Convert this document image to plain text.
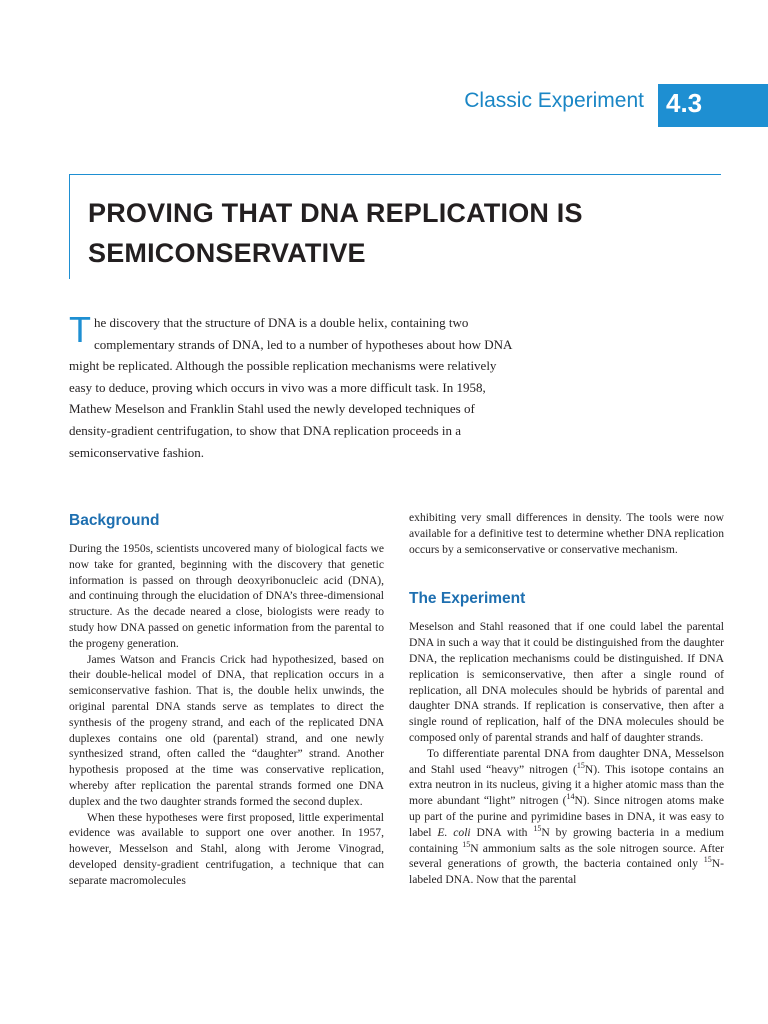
Classic Experiment 4.3
PROVING THAT DNA REPLICATION IS
SEMICONSERVATIVE

The discovery that the structure of DNA is a double helix, containing two complementary strands of DNA, led to a number of hypotheses about how DNA might be replicated. Although the possible replication mechanisms were relatively easy to deduce, proving which occurs in vivo was a more difficult task. In 1958, Mathew Meselson and Franklin Stahl used the newly developed techniques of density-gradient centrifugation, to show that DNA replication proceeds in a semiconservative fashion.

Background

During the 1950s, scientists uncovered many of biological facts we now take for granted, beginning with the discovery that genetic information is passed on through deoxyribonucleic acid (DNA), and continuing through the elucidation of DNA’s three-dimensional structure. As the decade neared a close, biologists were ready to study how DNA passed on genetic information from the parental to the progeny generation.

James Watson and Francis Crick had hypothesized, based on their double-helical model of DNA, that replication occurs in a semiconservative fashion. That is, the double helix unwinds, the original parental DNA stands serve as templates to direct the synthesis of the progeny strand, and each of the replicated DNA duplexes contains one old (parental) strand, and one newly synthesized strand, often called the “daughter” strand. Another hypothesis proposed at the time was conservative replication, whereby after replication the parental strands formed one DNA duplex and the two daughter strands formed the second duplex.

When these hypotheses were first proposed, little experimental evidence was available to support one over another. In 1957, however, Messelson and Stahl, along with Jerome Vinograd, developed density-gradient centrifugation, a technique that can separate macromolecules

exhibiting very small differences in density. The tools were now available for a definitive test to determine whether DNA replication occurs by a semiconservative or conservative mechanism.

The Experiment

Meselson and Stahl reasoned that if one could label the parental DNA in such a way that it could be distinguished from the daughter DNA, the replication mechanisms could be distinguished. If DNA replication is semiconservative, then after a single round of replication, all DNA molecules should be hybrids of parental and daughter DNA strands. If replication is conservative, then after a single round of replication, half of the DNA molecules should be composed only of parental strands and half of daughter strands.

To differentiate parental DNA from daughter DNA, Messelson and Stahl used “heavy” nitrogen ($^{15}$N). This isotope contains an extra neutron in its nucleus, giving it a higher atomic mass than the more abundant “light” nitrogen ($^{14}$N). Since nitrogen atoms make up part of the purine and pyrimidine bases in DNA, it was easy to label E. coli DNA with $^{15}$N by growing bacteria in a medium containing $^{15}$N ammonium salts as the sole nitrogen source. After several generations of growth, the bacteria contained only $^{15}$N-labeled DNA. Now that the parental
